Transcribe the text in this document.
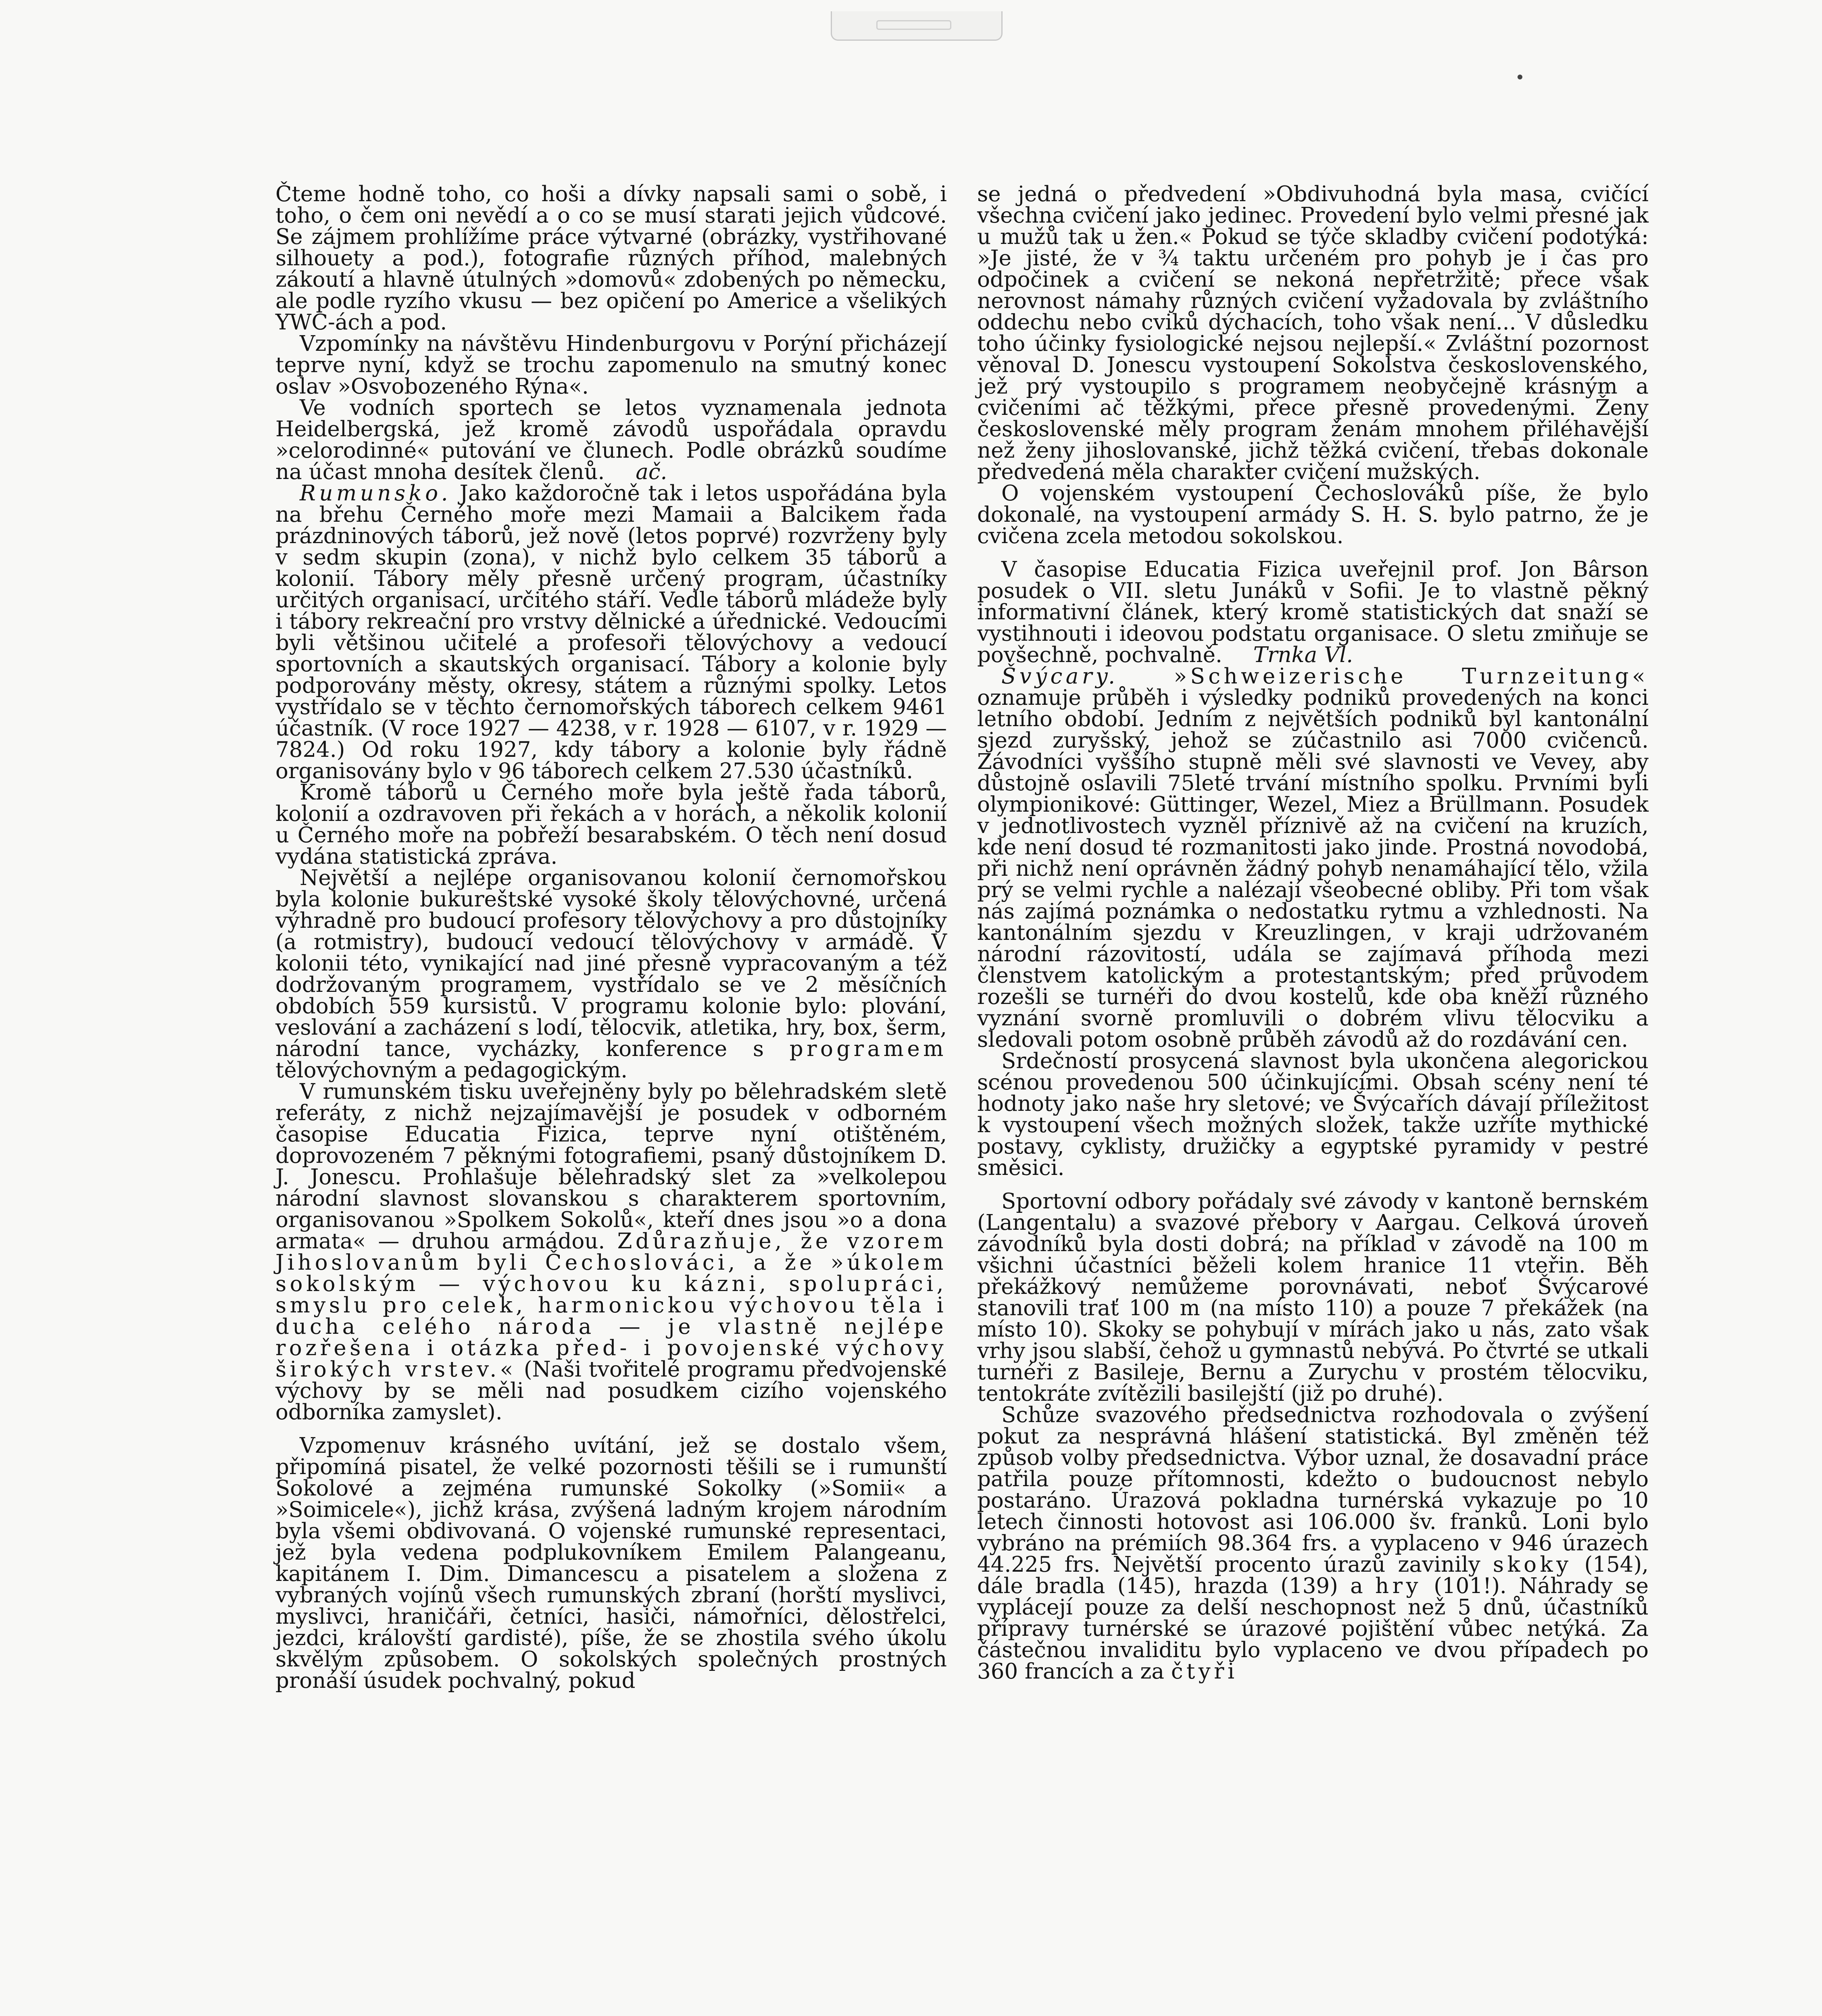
Čteme hodně toho, co hoši a dívky napsali sami o sobě, i toho, o čem oni nevědí a o co se musí starati jejich vůdcové. Se zájmem prohlížíme práce výtvarné (obrázky, vystřihované silhouety a pod.), fotografie různých příhod, malebných zákoutí a hlavně útulných »domovů« zdobených po německu, ale podle ryzího vkusu — bez opičení po Americe a všelikých YWC-ách a pod.

Vzpomínky na návštěvu Hindenburgovu v Porýní přicházejí teprve nyní, když se trochu zapomenulo na smutný konec oslav »Osvobozeného Rýna«.

Ve vodních sportech se letos vyznamenala jednota Heidelbergská, jež kromě závodů uspořádala opravdu »celorodinné« putování ve člunech. Podle obrázků soudíme na účast mnoha desítek členů. ač.

Rumunsko. Jako každoročně tak i letos uspořádána byla na břehu Černého moře mezi Mamaii a Balcikem řada prázdninových táborů, jež nově (letos poprvé) rozvrženy byly v sedm skupin (zona), v nichž bylo celkem 35 táborů a kolonií. Tábory měly přesně určený program, účastníky určitých organisací, určitého stáří. Vedle táborů mládeže byly i tábory rekreační pro vrstvy dělnické a úřednické. Vedoucími byli většinou učitelé a profesoři tělovýchovy a vedoucí sportovních a skautských organisací. Tábory a kolonie byly podporovány městy, okresy, státem a různými spolky. Letos vystřídalo se v těchto černomořských táborech celkem 9461 účastník. (V roce 1927 — 4238, v r. 1928 — 6107, v r. 1929 — 7824.) Od roku 1927, kdy tábory a kolonie byly řádně organisovány bylo v 96 táborech celkem 27.530 účastníků.

Kromě táborů u Černého moře byla ještě řada táborů, kolonií a ozdravoven při řekách a v horách, a několik kolonií u Černého moře na pobřeží besarabském. O těch není dosud vydána statistická zpráva.

Největší a nejlépe organisovanou kolonií černomořskou byla kolonie bukureštské vysoké školy tělovýchovné, určená výhradně pro budoucí profesory tělovýchovy a pro důstojníky (a rotmistry), budoucí vedoucí tělovýchovy v armádě. V kolonii této, vynikající nad jiné přesně vypracovaným a též dodržovaným programem, vystřídalo se ve 2 měsíčních obdobích 559 kursistů. V programu kolonie bylo: plování, veslování a zacházení s lodí, tělocvik, atletika, hry, box, šerm, národní tance, vycházky, konference s programem tělovýchovným a pedagogickým.

V rumunském tisku uveřejněny byly po bělehradském sletě referáty, z nichž nejzajímavější je posudek v odborném časopise Educatia Fizica, teprve nyní otištěném, doprovozeném 7 pěknými fotografiemi, psaný důstojníkem D. J. Jonescu. Prohlašuje bělehradský slet za »velkolepou národní slavnost slovanskou s charakterem sportovním, organisovanou »Spolkem Sokolů«, kteří dnes jsou »o a dona armata« — druhou armádou. Zdůrazňuje, že vzorem Jihoslovanům byli Čechoslováci, a že »úkolem sokolským — výchovou ku kázni, spolupráci, smyslu pro celek, harmonickou výchovou těla i ducha celého národa — je vlastně nejlépe rozřešena i otázka před- i povojenské výchovy širokých vrstev.« (Naši tvořitelé programu předvojenské výchovy by se měli nad posudkem cizího vojenského odborníka zamyslet).

Vzpomenuv krásného uvítání, jež se dostalo všem, připomíná pisatel, že velké pozornosti těšili se i rumunští Sokolové a zejména rumunské Sokolky (»Somii« a »Soimicele«), jichž krása, zvýšená ladným krojem národním byla všemi obdivovaná. O vojenské rumunské representaci, jež byla vedena podplukovníkem Emilem Palangeanu, kapitánem I. Dim. Dimancescu a pisatelem a složena z vybraných vojínů všech rumunských zbraní (horští myslivci, myslivci, hraničáři, četníci, hasiči, námořníci, dělostřelci, jezdci, královští gardisté), píše, že se zhostila svého úkolu skvělým způsobem. O sokolských společných prostných pronáší úsudek pochvalný, pokud

se jedná o předvedení »Obdivuhodná byla masa, cvičící všechna cvičení jako jedinec. Provedení bylo velmi přesné jak u mužů tak u žen.« Pokud se týče skladby cvičení podotýká: »Je jisté, že v ¾ taktu určeném pro pohyb je i čas pro odpočinek a cvičení se nekoná nepřetržitě; přece však nerovnost námahy různých cvičení vyžadovala by zvláštního oddechu nebo cviků dýchacích, toho však není... V důsledku toho účinky fysiologické nejsou nejlepší.« Zvláštní pozornost věnoval D. Jonescu vystoupení Sokolstva československého, jež prý vystoupilo s programem neobyčejně krásným a cvičeními ač těžkými, přece přesně provedenými. Ženy československé měly program ženám mnohem přiléhavější než ženy jihoslovanské, jichž těžká cvičení, třebas dokonale předvedená měla charakter cvičení mužských.

O vojenském vystoupení Čechoslováků píše, že bylo dokonalé, na vystoupení armády S. H. S. bylo patrno, že je cvičena zcela metodou sokolskou.

V časopise Educatia Fizica uveřejnil prof. Jon Bârson posudek o VII. sletu Junáků v Sofii. Je to vlastně pěkný informativní článek, který kromě statistických dat snaží se vystihnouti i ideovou podstatu organisace. O sletu zmiňuje se povšechně, pochvalně. Trnka Vl.

Švýcary. »Schweizerische Turnzeitung« oznamuje průběh i výsledky podniků provedených na konci letního období. Jedním z největších podniků byl kantonální sjezd zuryšský, jehož se zúčastnilo asi 7000 cvičenců. Závodníci vyššího stupně měli své slavnosti ve Vevey, aby důstojně oslavili 75leté trvání místního spolku. Prvními byli olympionikové: Güttinger, Wezel, Miez a Brüllmann. Posudek v jednotlivostech vyzněl příznivě až na cvičení na kruzích, kde není dosud té rozmanitosti jako jinde. Prostná novodobá, při nichž není oprávněn žádný pohyb nenamáhající tělo, vžila prý se velmi rychle a nalézají všeobecné obliby. Při tom však nás zajímá poznámka o nedostatku rytmu a vzhlednosti. Na kantonálním sjezdu v Kreuzlingen, v kraji udržovaném národní rázovitostí, udála se zajímavá příhoda mezi členstvem katolickým a protestantským; před průvodem rozešli se turnéři do dvou kostelů, kde oba kněží různého vyznání svorně promluvili o dobrém vlivu tělocviku a sledovali potom osobně průběh závodů až do rozdávání cen.

Srdečností prosycená slavnost byla ukončena alegorickou scénou provedenou 500 účinkujícími. Obsah scény není té hodnoty jako naše hry sletové; ve Švýcařích dávají příležitost k vystoupení všech možných složek, takže uzříte mythické postavy, cyklisty, družičky a egyptské pyramidy v pestré směsici.

Sportovní odbory pořádaly své závody v kantoně bernském (Langentalu) a svazové přebory v Aargau. Celková úroveň závodníků byla dosti dobrá; na příklad v závodě na 100 m všichni účastníci běželi kolem hranice 11 vteřin. Běh překážkový nemůžeme porovnávati, neboť Švýcarové stanovili trať 100 m (na místo 110) a pouze 7 překážek (na místo 10). Skoky se pohybují v mírách jako u nás, zato však vrhy jsou slabší, čehož u gymnastů nebývá. Po čtvrté se utkali turnéři z Basileje, Bernu a Zurychu v prostém tělocviku, tentokráte zvítězili basilejští (již po druhé).

Schůze svazového předsednictva rozhodovala o zvýšení pokut za nesprávná hlášení statistická. Byl změněn též způsob volby předsednictva. Výbor uznal, že dosavadní práce patřila pouze přítomnosti, kdežto o budoucnost nebylo postaráno. Úrazová pokladna turnérská vykazuje po 10 letech činnosti hotovost asi 106.000 šv. franků. Loni bylo vybráno na prémiích 98.364 frs. a vyplaceno v 946 úrazech 44.225 frs. Největší procento úrazů zavinily skoky (154), dále bradla (145), hrazda (139) a hry (101!). Náhrady se vyplácejí pouze za delší neschopnost než 5 dnů, účastníků přípravy turnérské se úrazové pojištění vůbec netýká. Za částečnou invaliditu bylo vyplaceno ve dvou případech po 360 francích a za čtyři
